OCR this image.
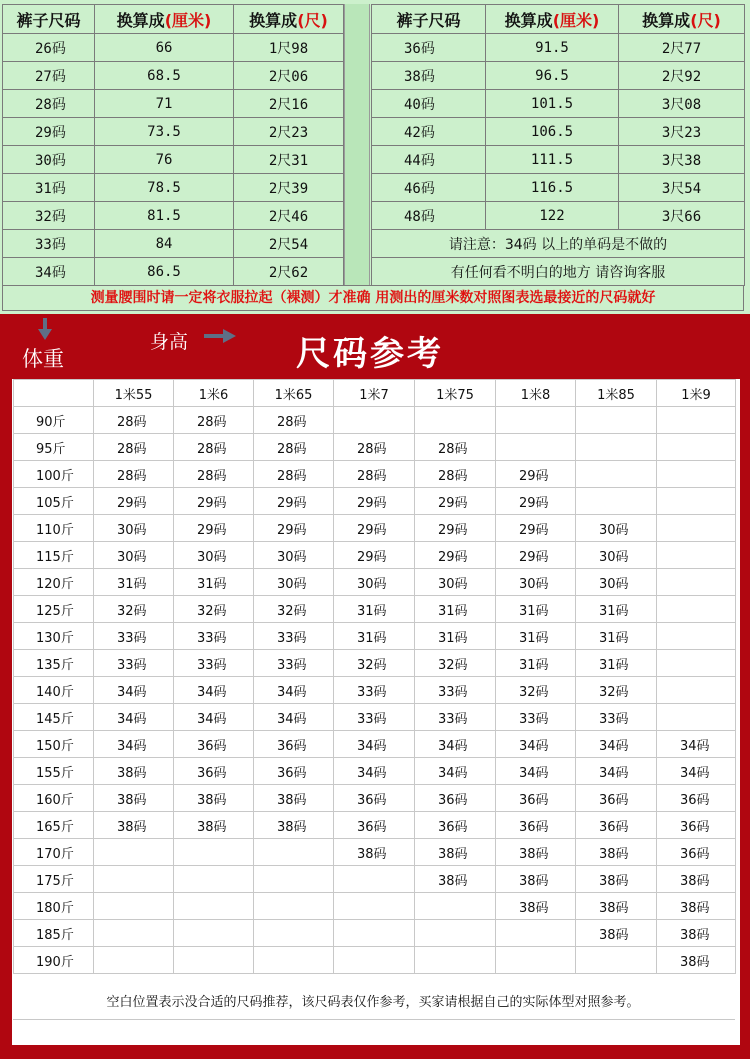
裤子尺码	换算成(厘米)	换算成(尺)
26码	66	1尺98
27码	68.5	2尺06
28码	71	2尺16
29码	73.5	2尺23
30码	76	2尺31
31码	78.5	2尺39
32码	81.5	2尺46
33码	84	2尺54
34码	86.5	2尺62
裤子尺码	换算成(厘米)	换算成(尺)
36码	91.5	2尺77
38码	96.5	2尺92
40码	101.5	3尺08
42码	106.5	3尺23
44码	111.5	3尺38
46码	116.5	3尺54
48码	122	3尺66
请注意：34码 以上的单码是不做的		
有任何看不明白的地方 请咨询客服		
测量腰围时请一定将衣服拉起（裸测）才准确 用测出的厘米数对照图表选最接近的尺码就好
体重
身高	尺码参考
	1米55	1米6	1米65	1米7	1米75	1米8	1米85	1米9
90斤	28码	28码	28码					
95斤	28码	28码	28码	28码	28码			
100斤	28码	28码	28码	28码	28码	29码		
105斤	29码	29码	29码	29码	29码	29码		
110斤	30码	29码	29码	29码	29码	29码	30码	
115斤	30码	30码	30码	29码	29码	29码	30码	
120斤	31码	31码	30码	30码	30码	30码	30码	
125斤	32码	32码	32码	31码	31码	31码	31码	
130斤	33码	33码	33码	31码	31码	31码	31码	
135斤	33码	33码	33码	32码	32码	31码	31码	
140斤	34码	34码	34码	33码	33码	32码	32码	
145斤	34码	34码	34码	33码	33码	33码	33码	
150斤	34码	36码	36码	34码	34码	34码	34码	34码
155斤	38码	36码	36码	34码	34码	34码	34码	34码
160斤	38码	38码	38码	36码	36码	36码	36码	36码
165斤	38码	38码	38码	36码	36码	36码	36码	36码
170斤				38码	38码	38码	38码	36码
175斤					38码	38码	38码	38码
180斤						38码	38码	38码
185斤							38码	38码
190斤								38码
空白位置表示没合适的尺码推荐，该尺码表仅作参考，买家请根据自己的实际体型对照参考。
